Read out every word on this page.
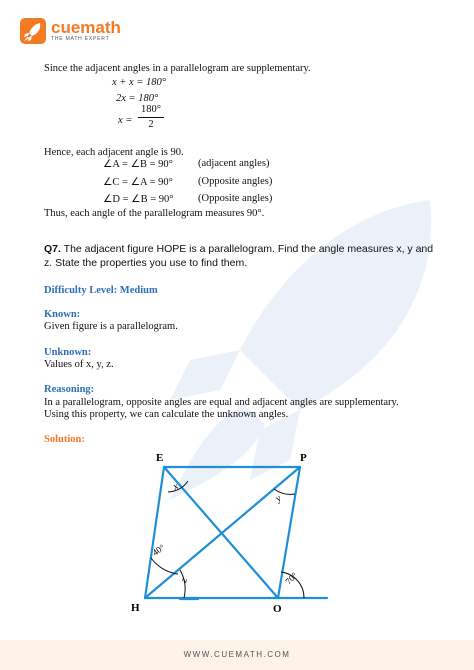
cuemath
THE MATH EXPERT
Since the adjacent angles in a parallelogram are supplementary.
x + x = 180°
2x = 180°
x =
180°
2
Hence, each adjacent angle is 90.
∠A = ∠B = 90° (adjacent angles)
∠C = ∠A = 90° (Opposite angles)
∠D = ∠B = 90° (Opposite angles)
Thus, each angle of the parallelogram measures 90°.
Q7. The adjacent figure HOPE is a parallelogram. Find the angle measures x, y and
z. State the properties you use to find them.
Difficulty Level: Medium
Known:
Given figure is a parallelogram.
Unknown:
Values of x, y, z.
Reasoning:
In a parallelogram, opposite angles are equal and adjacent angles are supplementary.
Using this property, we can calculate the unknown angles.
Solution:
E	P
H	O
x
y
40°
z	70°
WWW.CUEMATH.COM
